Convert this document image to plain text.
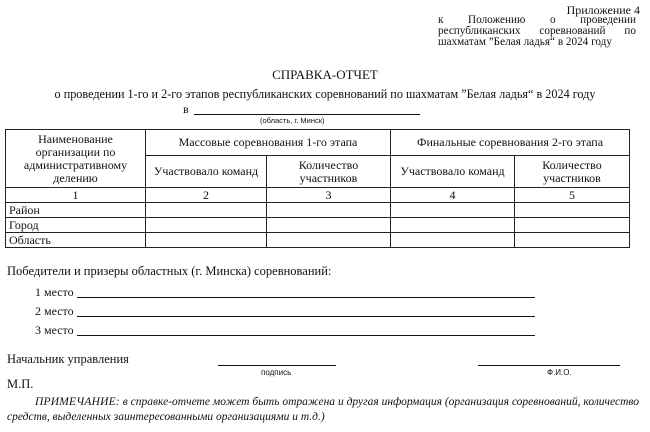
Приложение 4
к Положению о проведении
республиканских соревнований по
шахматам ”Белая ладья“ в 2024 году
СПРАВКА-ОТЧЕТ
о проведении 1-го и 2-го этапов республиканских соревнований по шахматам ”Белая ладья“ в 2024 году
в
(область, г. Минск)
Наименование организации по административному делению	Массовые соревнования 1-го этапа		Финальные соревнования 2-го этапа	
	Участвовало команд	Количество участников	Участвовало команд	Количество участников
1	2	3	4	5
Район				
Город				
Область				
Победители и призеры областных (г. Минска) соревнований:
1 место
2 место
3 место
Начальник управления
подпись	Ф.И.О.
М.П.
ПРИМЕЧАНИЕ: в справке-отчете может быть отражена и другая информация (организация соревнований, количество средств, выделенных заинтересованными организациями и т.д.)
